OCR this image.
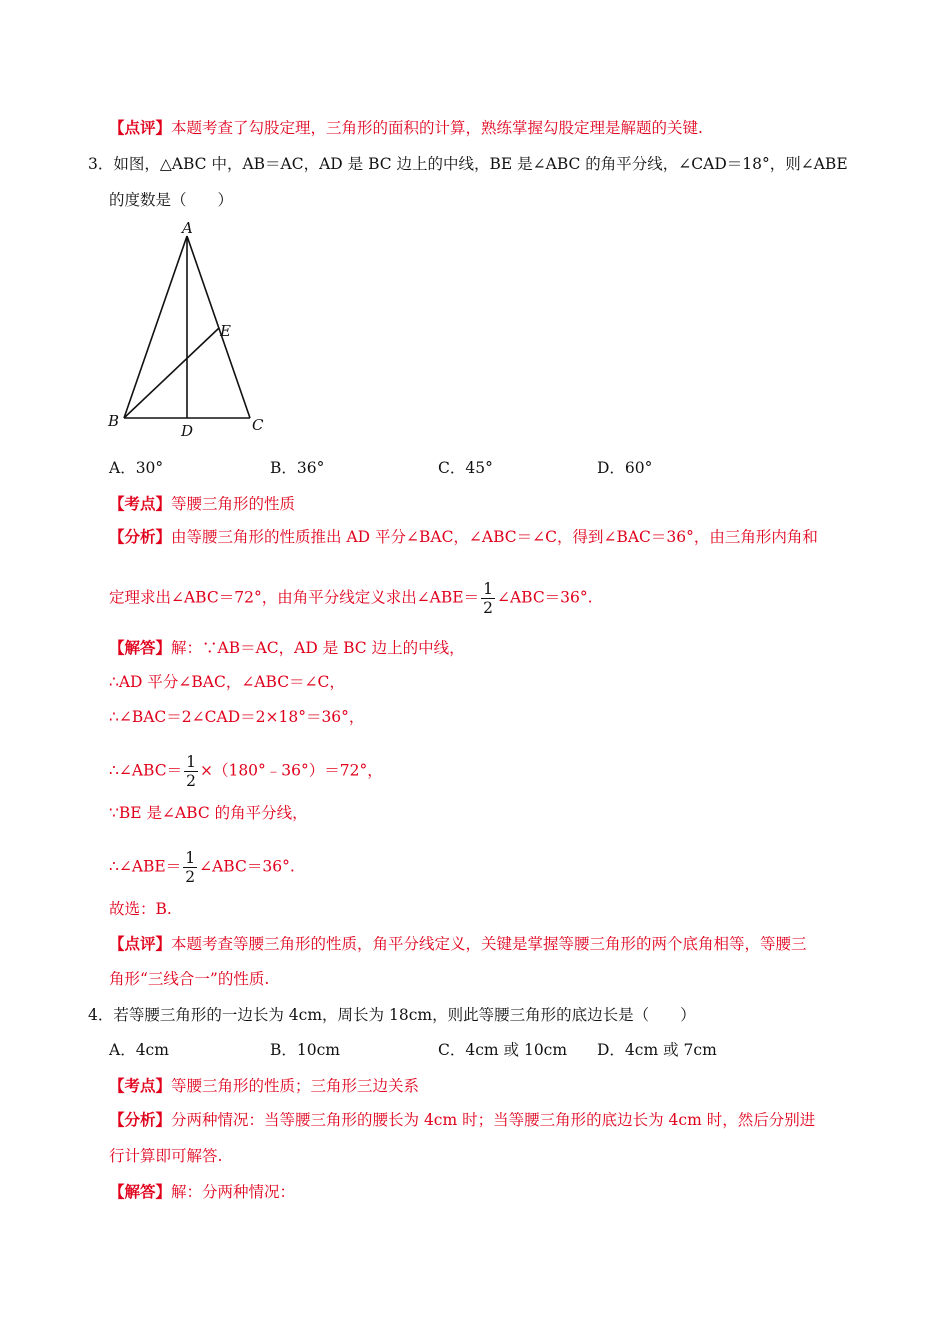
【点评】本题考查了勾股定理，三角形的面积的计算，熟练掌握勾股定理是解题的关键.
3．如图，△ABC 中，AB＝AC，AD 是 BC 边上的中线，BE 是∠ABC 的角平分线，∠CAD＝18°，则∠ABE
的度数是（　　）
A
B	C
D
E
A．30°	B．36°	C．45°	D．60°
【考点】等腰三角形的性质
【分析】由等腰三角形的性质推出 AD 平分∠BAC，∠ABC＝∠C，得到∠BAC＝36°，由三角形内角和
定理求出∠ABC＝72°，由角平分线定义求出∠ABE＝ $\frac{1}{2}$ ∠ABC＝36°.
【解答】解：∵AB＝AC，AD 是 BC 边上的中线，
∴AD 平分∠BAC，∠ABC＝∠C，
∴∠BAC＝2∠CAD＝2×18°＝36°，
∴∠ABC＝ $\frac{1}{2}$ ×（180°﹣36°）＝72°，
∵BE 是∠ABC 的角平分线，
∴∠ABE＝ $\frac{1}{2}$ ∠ABC＝36°.
故选：B.
【点评】本题考查等腰三角形的性质，角平分线定义，关键是掌握等腰三角形的两个底角相等，等腰三
角形“三线合一”的性质.
4．若等腰三角形的一边长为 4cm，周长为 18cm，则此等腰三角形的底边长是（　　）
A．4cm	B．10cm	C．4cm 或 10cm D．4cm 或 7cm
【考点】等腰三角形的性质；三角形三边关系
【分析】分两种情况：当等腰三角形的腰长为 4cm 时；当等腰三角形的底边长为 4cm 时，然后分别进
行计算即可解答.
【解答】解：分两种情况：
